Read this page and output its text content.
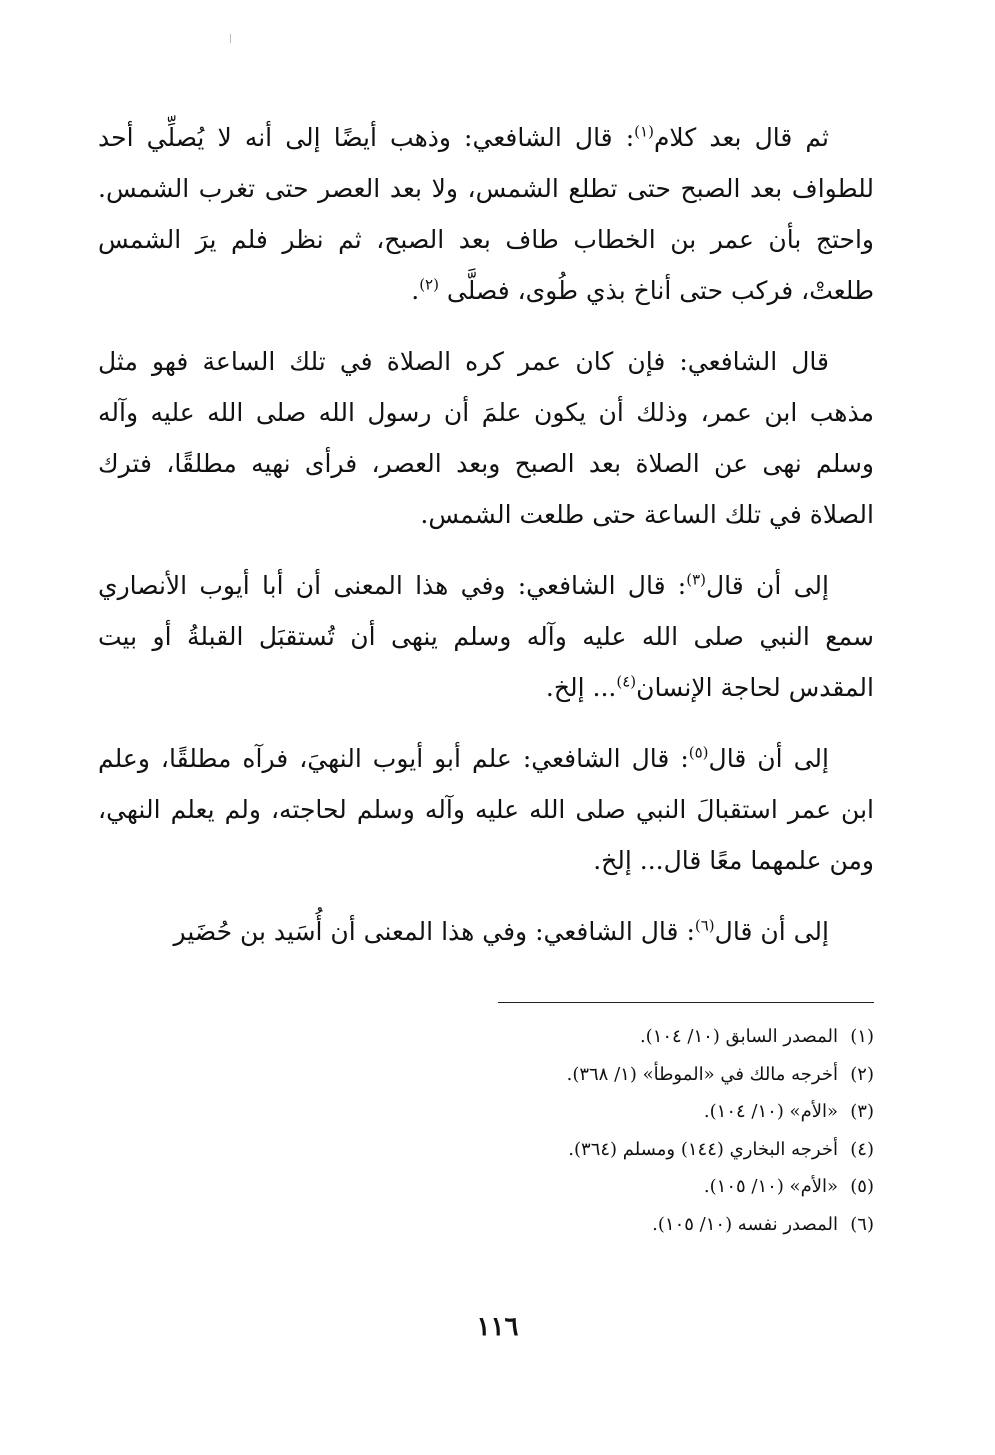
ثم قال بعد كلام$^{(١)}$: قال الشافعي: وذهب أيضًا إلى أنه لا يُصلِّي أحد للطواف بعد الصبح حتى تطلع الشمس، ولا بعد العصر حتى تغرب الشمس. واحتج بأن عمر بن الخطاب طاف بعد الصبح، ثم نظر فلم يرَ الشمس طلعتْ، فركب حتى أناخ بذي طُوى، فصلَّى $^{(٢)}$.

قال الشافعي: فإن كان عمر كره الصلاة في تلك الساعة فهو مثل مذهب ابن عمر، وذلك أن يكون علمَ أن رسول الله صلى الله عليه وآله وسلم نهى عن الصلاة بعد الصبح وبعد العصر، فرأى نهيه مطلقًا، فترك الصلاة في تلك الساعة حتى طلعت الشمس.

إلى أن قال$^{(٣)}$: قال الشافعي: وفي هذا المعنى أن أبا أيوب الأنصاري سمع النبي صلى الله عليه وآله وسلم ينهى أن تُستقبَل القبلةُ أو بيت المقدس لحاجة الإنسان$^{(٤)}$... إلخ.

إلى أن قال$^{(٥)}$: قال الشافعي: علم أبو أيوب النهيَ، فرآه مطلقًا، وعلم ابن عمر استقبالَ النبي صلى الله عليه وآله وسلم لحاجته، ولم يعلم النهي، ومن علمهما معًا قال... إلخ.

إلى أن قال$^{(٦)}$: قال الشافعي: وفي هذا المعنى أن أُسَيد بن حُضَير

(١)المصدر السابق (١٠/ ١٠٤).
(٢)أخرجه مالك في «الموطأ» (١/ ٣٦٨).
(٣)«الأم» (١٠/ ١٠٤).
(٤)أخرجه البخاري (١٤٤) ومسلم (٣٦٤).
(٥)«الأم» (١٠/ ١٠٥).
(٦)المصدر نفسه (١٠/ ١٠٥).
١١٦
